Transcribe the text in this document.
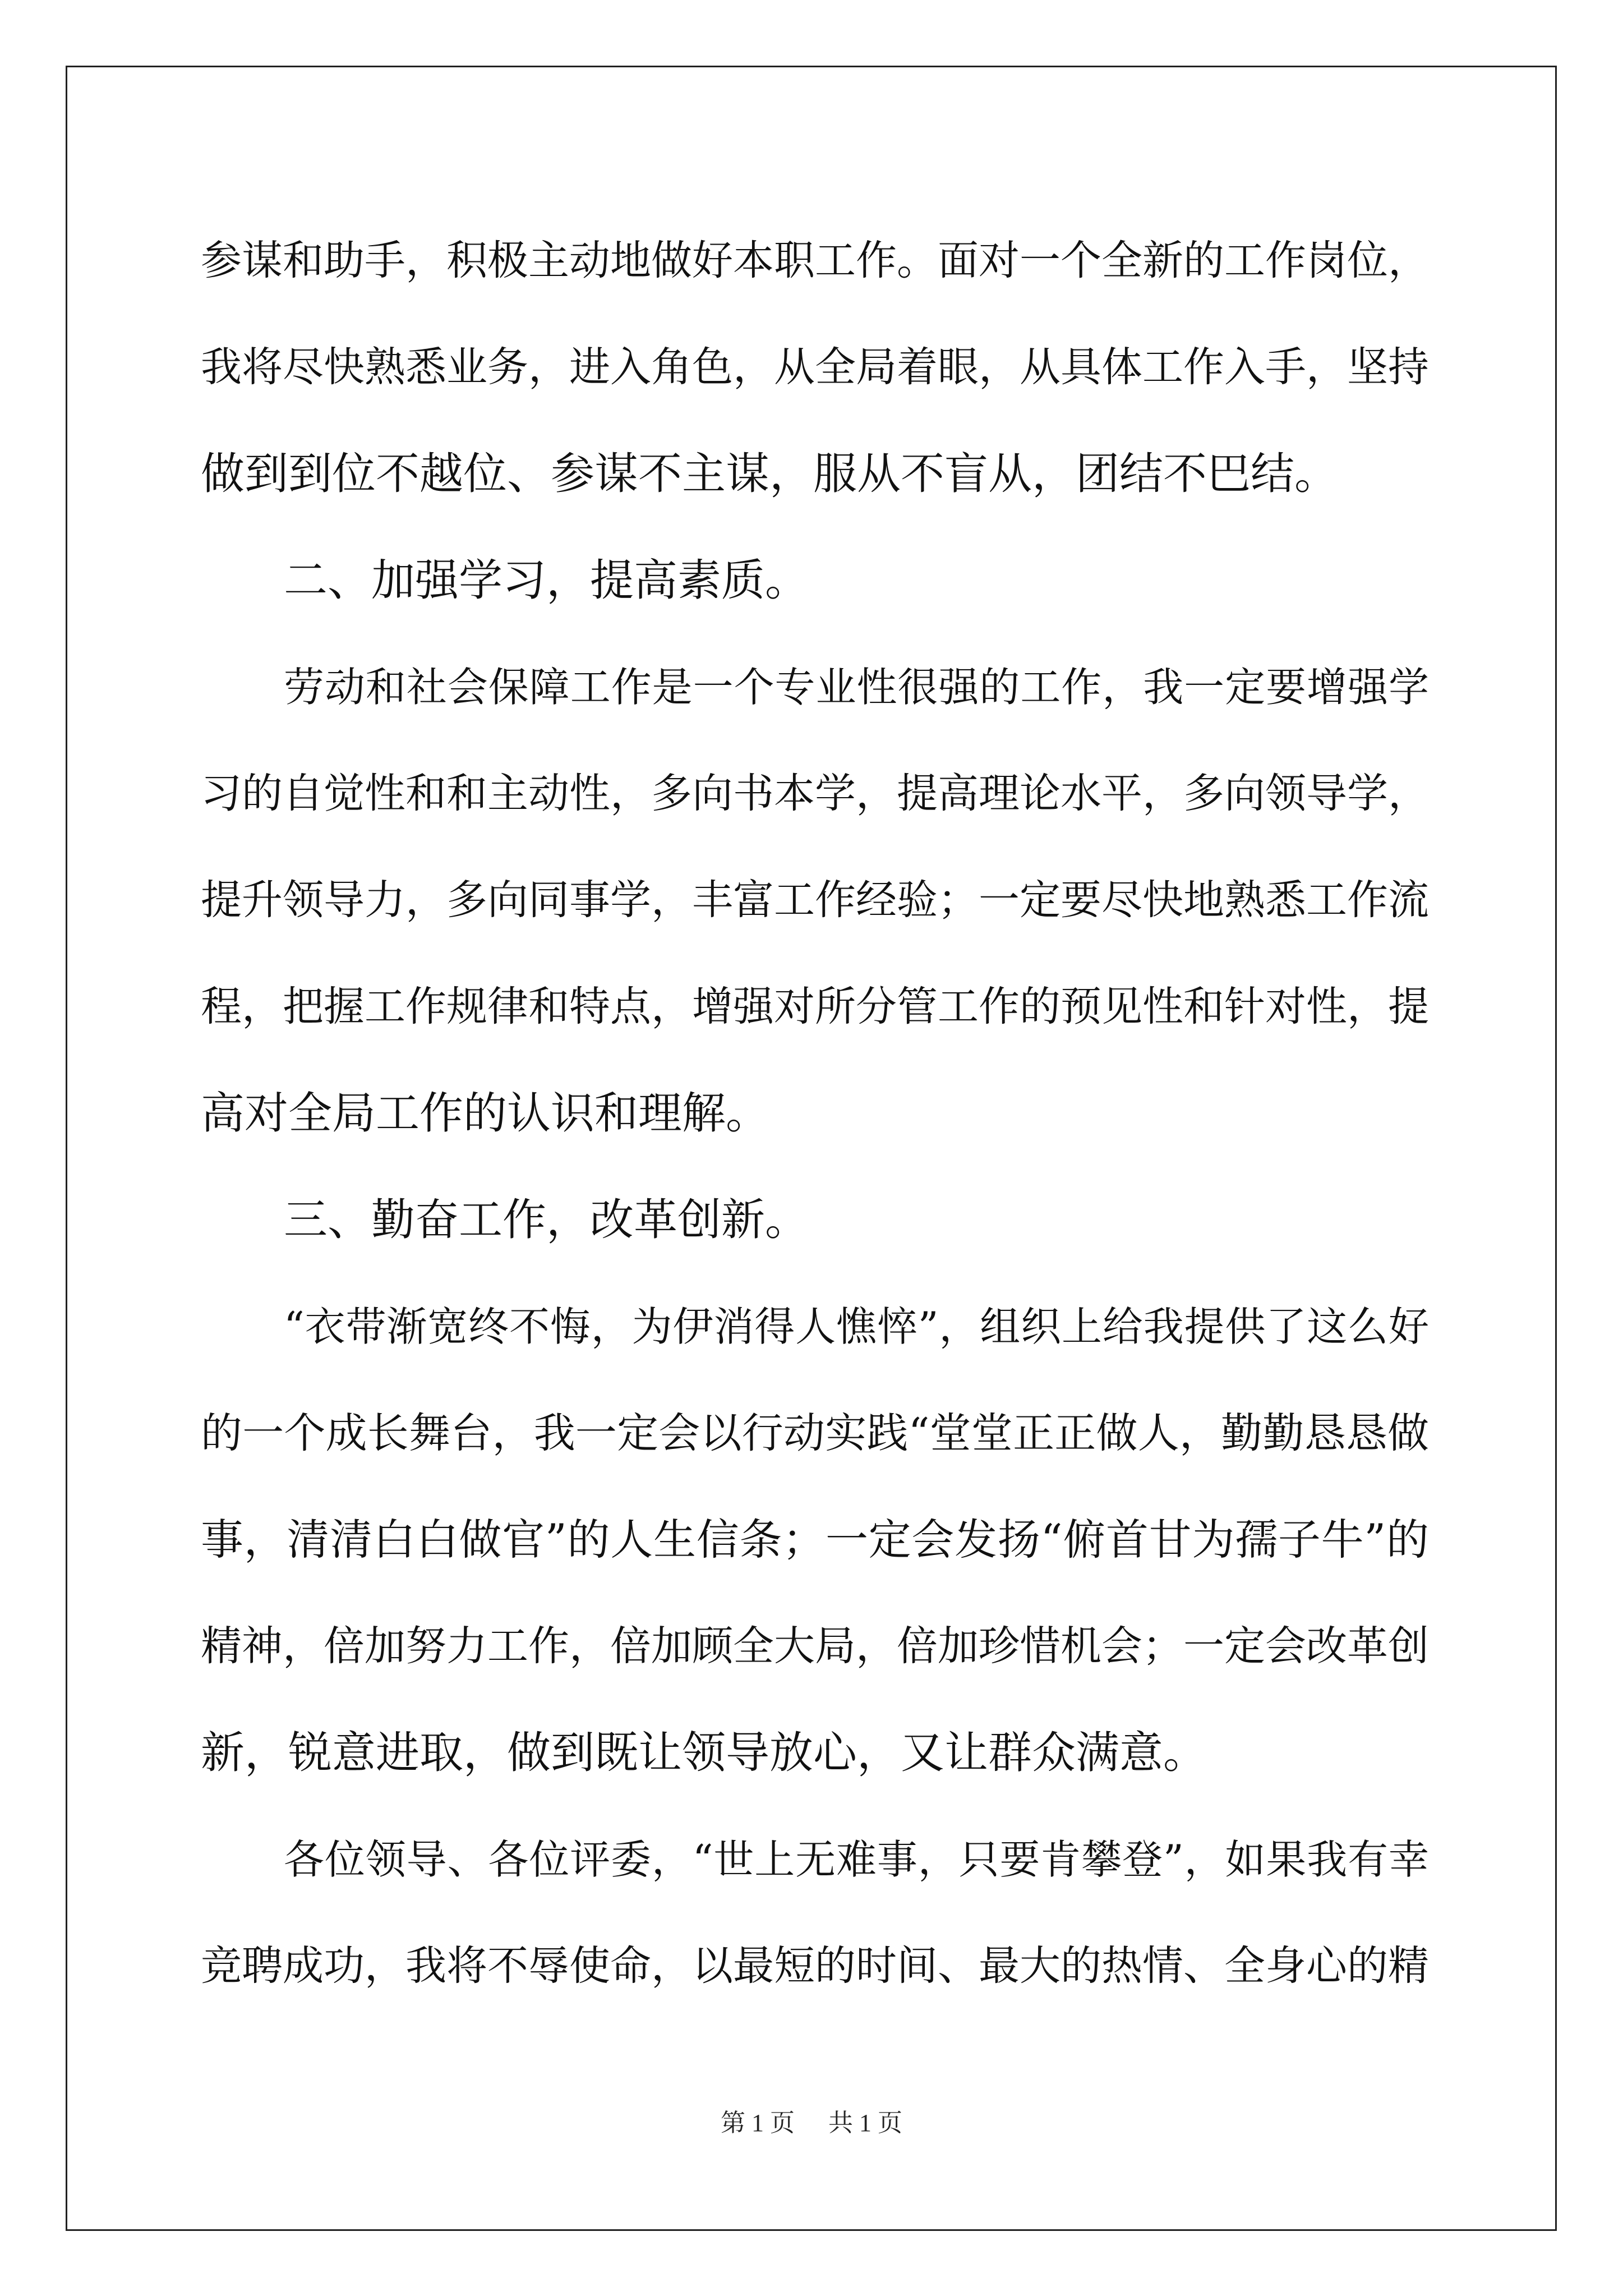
参谋和助手，积极主动地做好本职工作。面对一个全新的工作岗位，
我将尽快熟悉业务，进入角色，从全局着眼，从具体工作入手，坚持
做到到位不越位、参谋不主谋，服从不盲从，团结不巴结。
二、加强学习，提高素质。
劳动和社会保障工作是一个专业性很强的工作，我一定要增强学
习的自觉性和和主动性，多向书本学，提高理论水平，多向领导学，
提升领导力，多向同事学，丰富工作经验；一定要尽快地熟悉工作流
程，把握工作规律和特点，增强对所分管工作的预见性和针对性，提
高对全局工作的认识和理解。
三、勤奋工作，改革创新。
“衣带渐宽终不悔，为伊消得人憔悴”，组织上给我提供了这么好
的一个成长舞台，我一定会以行动实践“堂堂正正做人，勤勤恳恳做
事，清清白白做官”的人生信条；一定会发扬“俯首甘为孺子牛”的
精神，倍加努力工作，倍加顾全大局，倍加珍惜机会；一定会改革创
新，锐意进取，做到既让领导放心，又让群众满意。
各位领导、各位评委，“世上无难事，只要肯攀登”，如果我有幸
竞聘成功，我将不辱使命，以最短的时间、最大的热情、全身心的精
第 1 页 共 1 页
